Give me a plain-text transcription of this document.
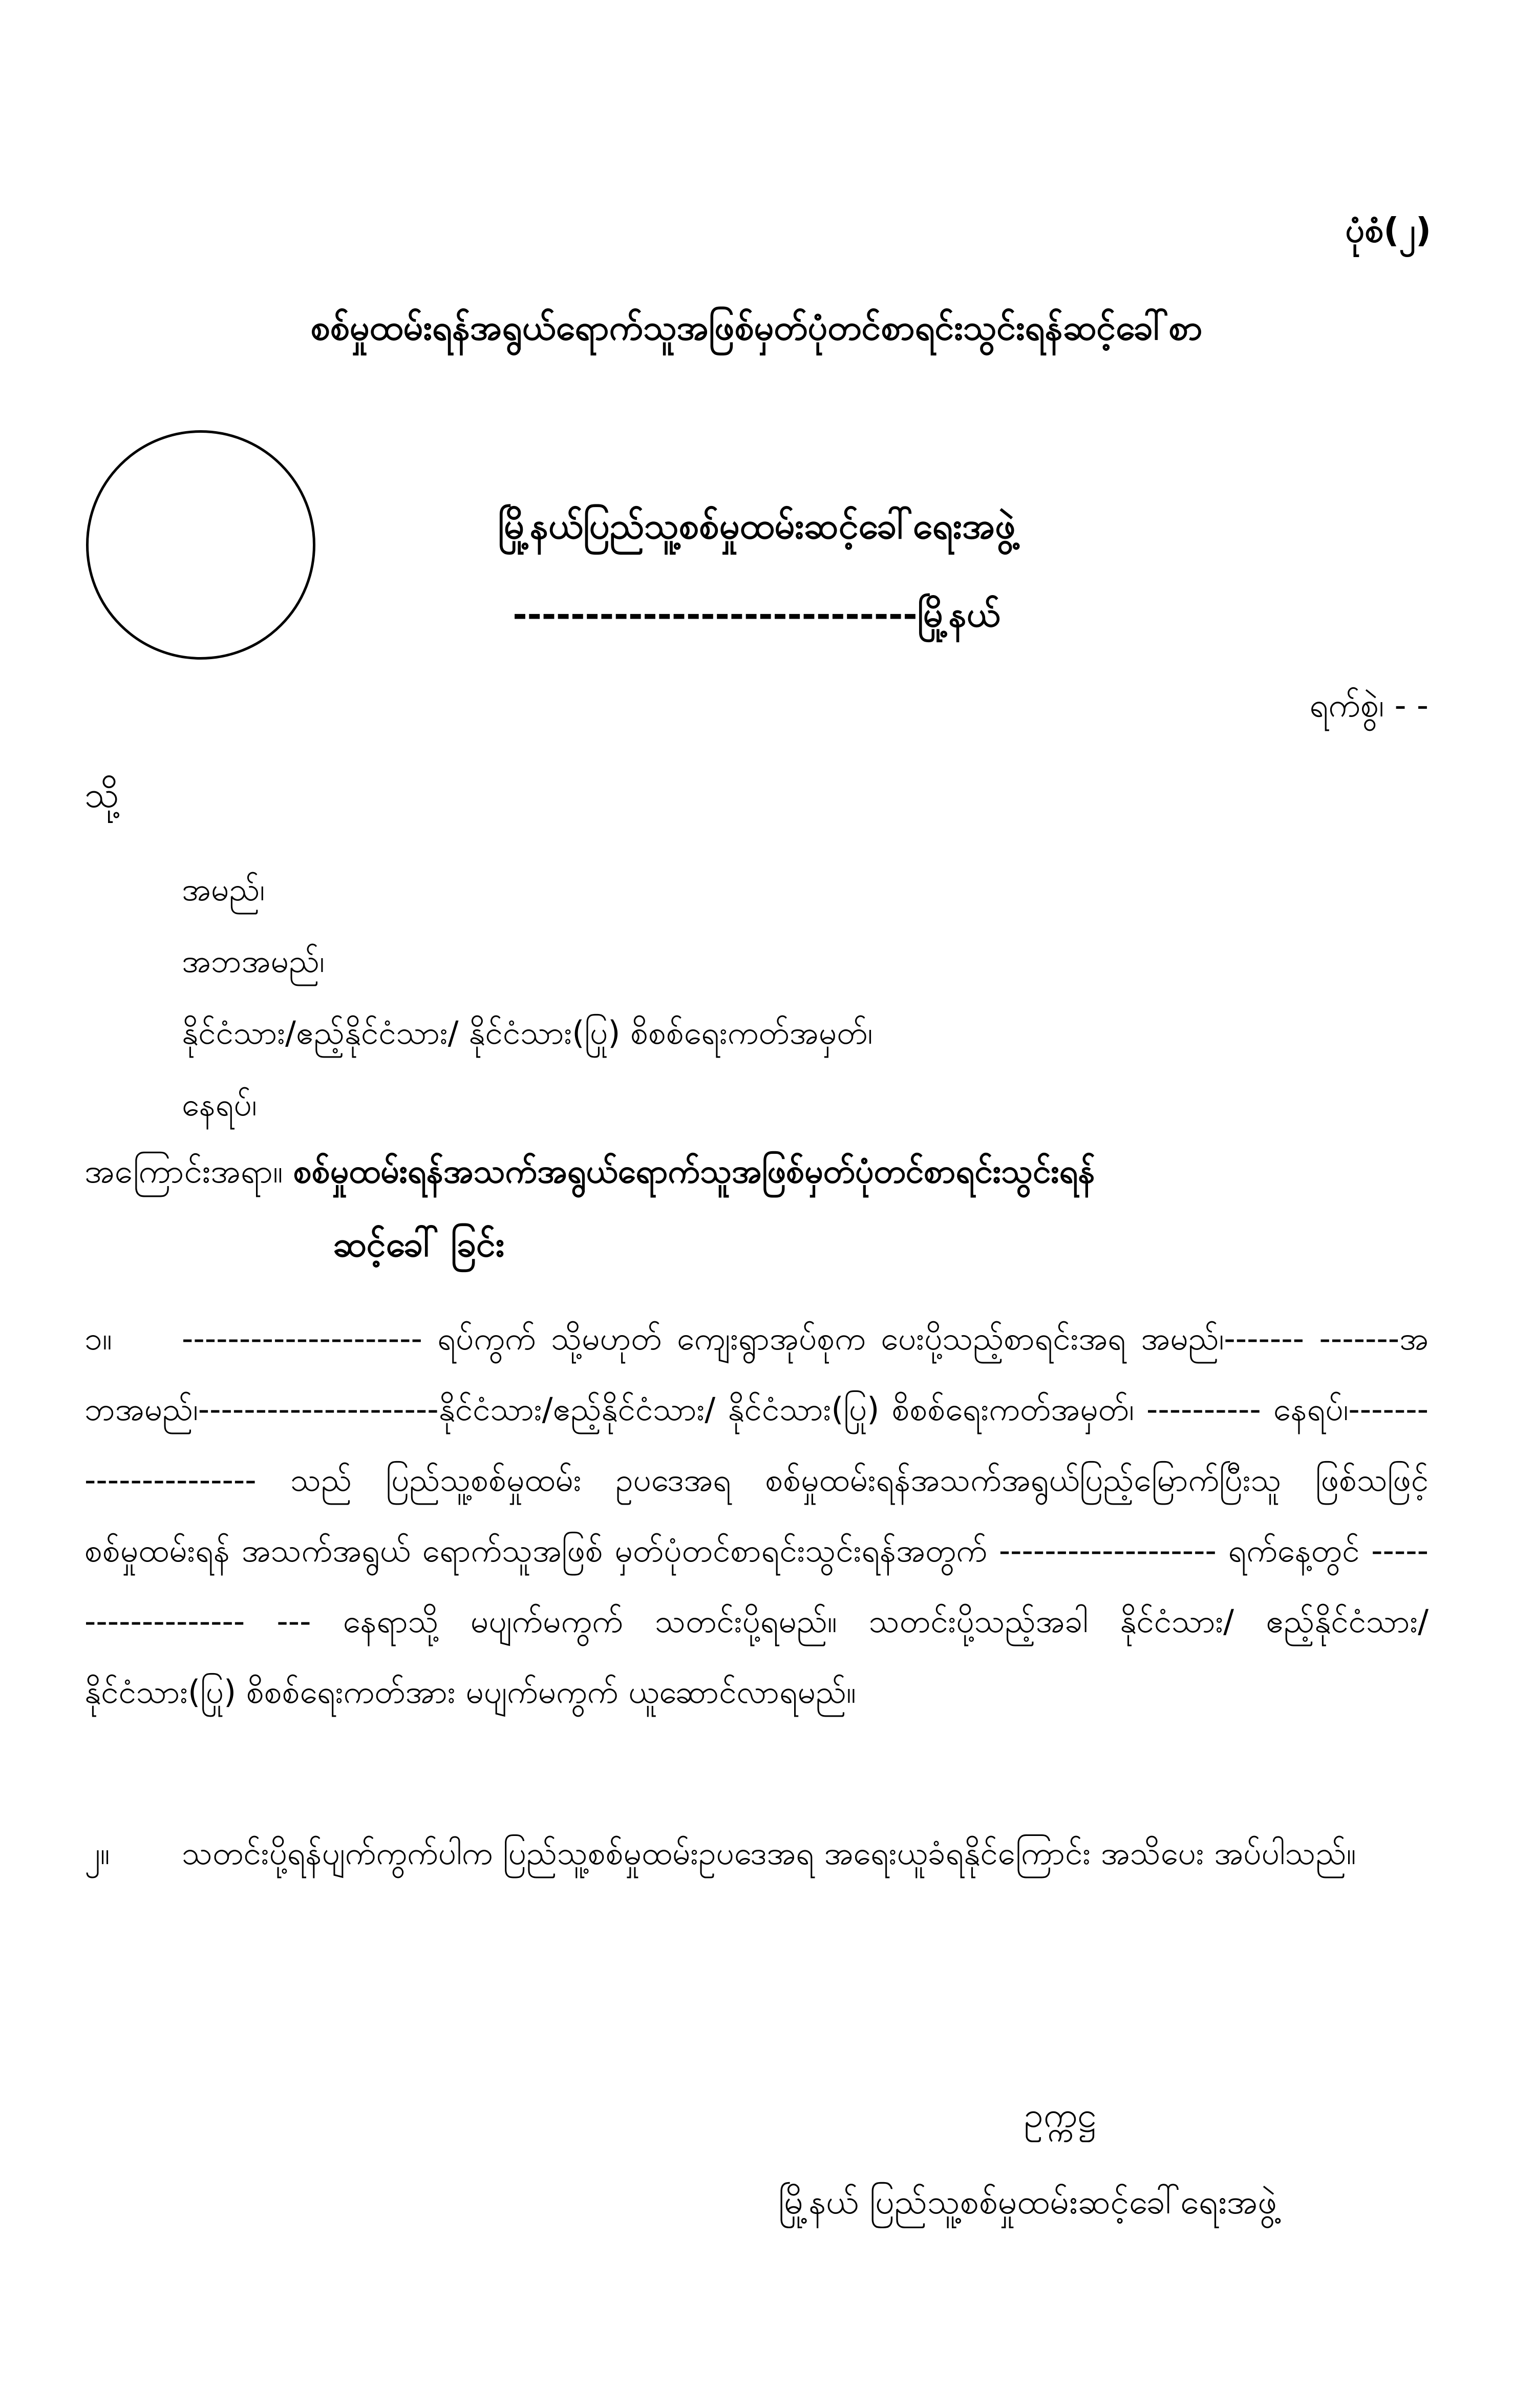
ပုံစံ(၂)
စစ်မှုထမ်းရန်အရွယ်ရောက်သူအဖြစ်မှတ်ပုံတင်စာရင်းသွင်းရန်ဆင့်ခေါ်စာ
မြို့နယ်ပြည်သူ့စစ်မှုထမ်းဆင့်ခေါ်ရေးအဖွဲ့
----------------------------မြို့နယ်
ရက်စွဲ၊ - -
သို့
အမည်၊
အဘအမည်၊
နိုင်ငံသား/ဧည့်နိုင်ငံသား/ နိုင်ငံသား(ပြု) စိစစ်ရေးကတ်အမှတ်၊
နေရပ်၊
အကြောင်းအရာ။ စစ်မှုထမ်းရန်အသက်အရွယ်ရောက်သူအဖြစ်မှတ်ပုံတင်စာရင်းသွင်းရန်
ဆင့်ခေါ် ခြင်း
၁။ --------------------- ရပ်ကွက် သို့မဟုတ် ကျေးရွာအုပ်စုက ပေးပို့သည့်စာရင်းအရ အမည်၊------- -------အဘအမည်၊---------------------နိုင်ငံသား/ဧည့်နိုင်ငံသား/ နိုင်ငံသား(ပြု) စိစစ်ရေးကတ်အမှတ်၊ ---------- နေရပ်၊---------------------- သည် ပြည်သူ့စစ်မှုထမ်း ဥပဒေအရ စစ်မှုထမ်းရန်အသက်အရွယ်ပြည့်မြောက်ပြီးသူ ဖြစ်သဖြင့် စစ်မှုထမ်းရန် အသက်အရွယ် ရောက်သူအဖြစ် မှတ်ပုံတင်စာရင်းသွင်းရန်အတွက် ------------------- ရက်နေ့တွင် ------------------- --- နေရာသို့ မပျက်မကွက် သတင်းပို့ရမည်။ သတင်းပို့သည့်အခါ နိုင်ငံသား/ ဧည့်နိုင်ငံသား/ နိုင်ငံသား(ပြု) စိစစ်ရေးကတ်အား မပျက်မကွက် ယူဆောင်လာရမည်။
၂။ သတင်းပို့ရန်ပျက်ကွက်ပါက ပြည်သူ့စစ်မှုထမ်းဥပဒေအရ အရေးယူခံရနိုင်ကြောင်း အသိပေး အပ်ပါသည်။
ဥက္ကဋ္ဌ
မြို့နယ် ပြည်သူ့စစ်မှုထမ်းဆင့်ခေါ်ရေးအဖွဲ့
